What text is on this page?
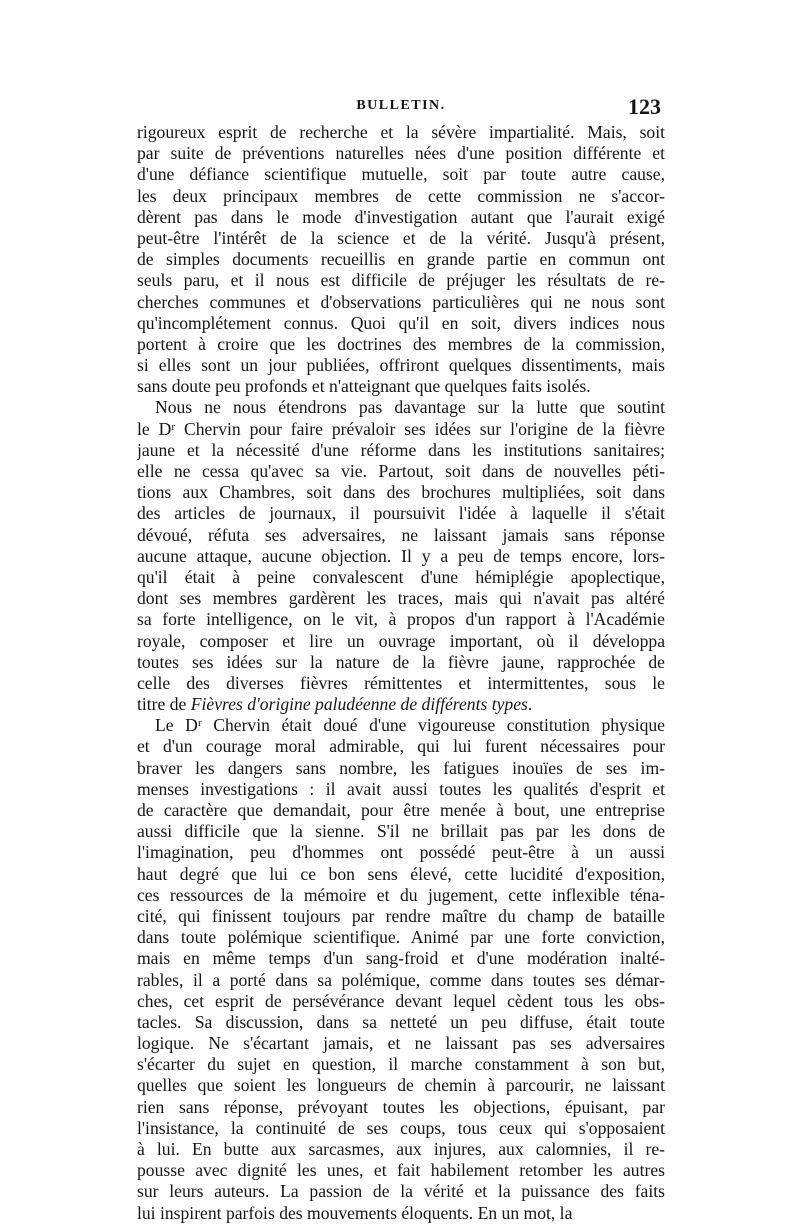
BULLETIN.	123
rigoureux esprit de recherche et la sévère impartialité. Mais, soit
par suite de préventions naturelles nées d'une position différente et
d'une défiance scientifique mutuelle, soit par toute autre cause,
les deux principaux membres de cette commission ne s'accor-
dèrent pas dans le mode d'investigation autant que l'aurait exigé
peut-être l'intérêt de la science et de la vérité. Jusqu'à présent,
de simples documents recueillis en grande partie en commun ont
seuls paru, et il nous est difficile de préjuger les résultats de re-
cherches communes et d'observations particulières qui ne nous sont
qu'incomplétement connus. Quoi qu'il en soit, divers indices nous
portent à croire que les doctrines des membres de la commission,
si elles sont un jour publiées, offriront quelques dissentiments, mais
sans doute peu profonds et n'atteignant que quelques faits isolés.
Nous ne nous étendrons pas davantage sur la lutte que soutint
le Dʳ Chervin pour faire prévaloir ses idées sur l'origine de la fièvre
jaune et la nécessité d'une réforme dans les institutions sanitaires;
elle ne cessa qu'avec sa vie. Partout, soit dans de nouvelles péti-
tions aux Chambres, soit dans des brochures multipliées, soit dans
des articles de journaux, il poursuivit l'idée à laquelle il s'était
dévoué, réfuta ses adversaires, ne laissant jamais sans réponse
aucune attaque, aucune objection. Il y a peu de temps encore, lors-
qu'il était à peine convalescent d'une hémiplégie apoplectique,
dont ses membres gardèrent les traces, mais qui n'avait pas altéré
sa forte intelligence, on le vit, à propos d'un rapport à l'Académie
royale, composer et lire un ouvrage important, où il développa
toutes ses idées sur la nature de la fièvre jaune, rapprochée de
celle des diverses fièvres rémittentes et intermittentes, sous le
titre de Fièvres d'origine paludéenne de différents types.
Le Dʳ Chervin était doué d'une vigoureuse constitution physique
et d'un courage moral admirable, qui lui furent nécessaires pour
braver les dangers sans nombre, les fatigues inouïes de ses im-
menses investigations : il avait aussi toutes les qualités d'esprit et
de caractère que demandait, pour être menée à bout, une entreprise
aussi difficile que la sienne. S'il ne brillait pas par les dons de
l'imagination, peu d'hommes ont possédé peut-être à un aussi
haut degré que lui ce bon sens élevé, cette lucidité d'exposition,
ces ressources de la mémoire et du jugement, cette inflexible téna-
cité, qui finissent toujours par rendre maître du champ de bataille
dans toute polémique scientifique. Animé par une forte conviction,
mais en même temps d'un sang-froid et d'une modération inalté-
rables, il a porté dans sa polémique, comme dans toutes ses démar-
ches, cet esprit de persévérance devant lequel cèdent tous les obs-
tacles. Sa discussion, dans sa netteté un peu diffuse, était toute
logique. Ne s'écartant jamais, et ne laissant pas ses adversaires
s'écarter du sujet en question, il marche constamment à son but,
quelles que soient les longueurs de chemin à parcourir, ne laissant
rien sans réponse, prévoyant toutes les objections, épuisant, par
l'insistance, la continuité de ses coups, tous ceux qui s'opposaient
à lui. En butte aux sarcasmes, aux injures, aux calomnies, il re-
pousse avec dignité les unes, et fait habilement retomber les autres
sur leurs auteurs. La passion de la vérité et la puissance des faits
lui inspirent parfois des mouvements éloquents. En un mot, la
